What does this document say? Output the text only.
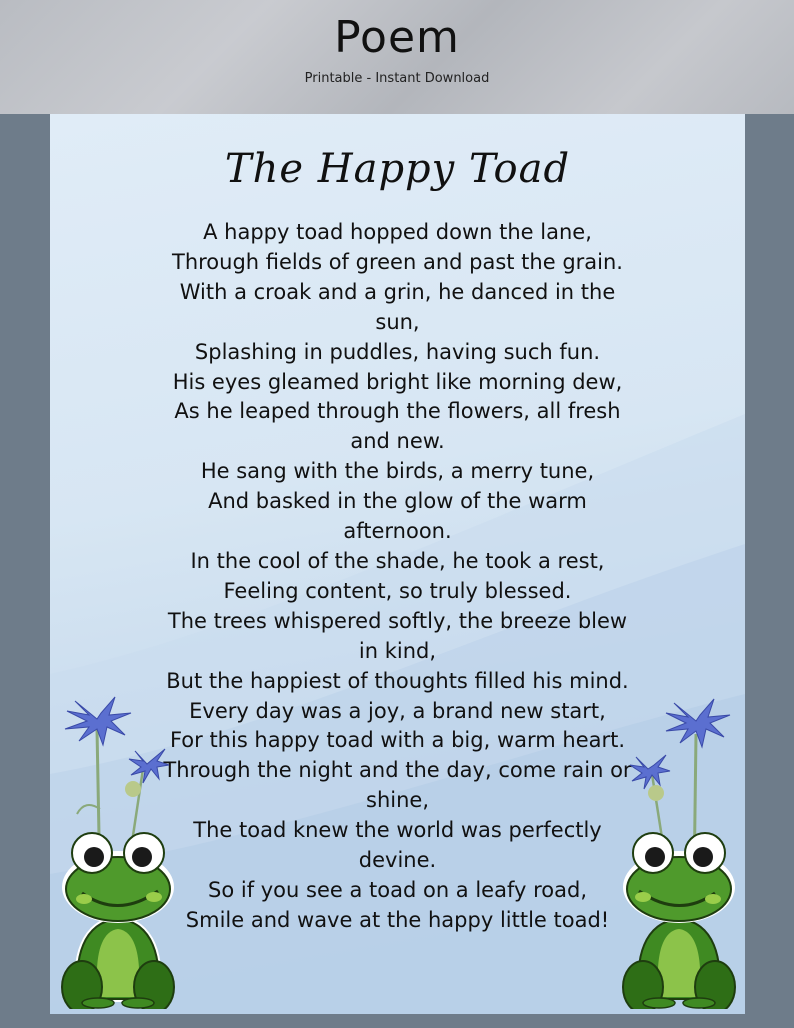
Poem
Printable - Instant Download
The Happy Toad
A happy toad hopped down the lane,
Through fields of green and past the grain.
With a croak and a grin, he danced in the sun,
Splashing in puddles, having such fun.
His eyes gleamed bright like morning dew,
As he leaped through the flowers, all fresh and new.
He sang with the birds, a merry tune,
And basked in the glow of the warm afternoon.
In the cool of the shade, he took a rest,
Feeling content, so truly blessed.
The trees whispered softly, the breeze blew in kind,
But the happiest of thoughts filled his mind.
Every day was a joy, a brand new start,
For this happy toad with a big, warm heart.
Through the night and the day, come rain or shine,
The toad knew the world was perfectly devine.
So if you see a toad on a leafy road,
Smile and wave at the happy little toad!
